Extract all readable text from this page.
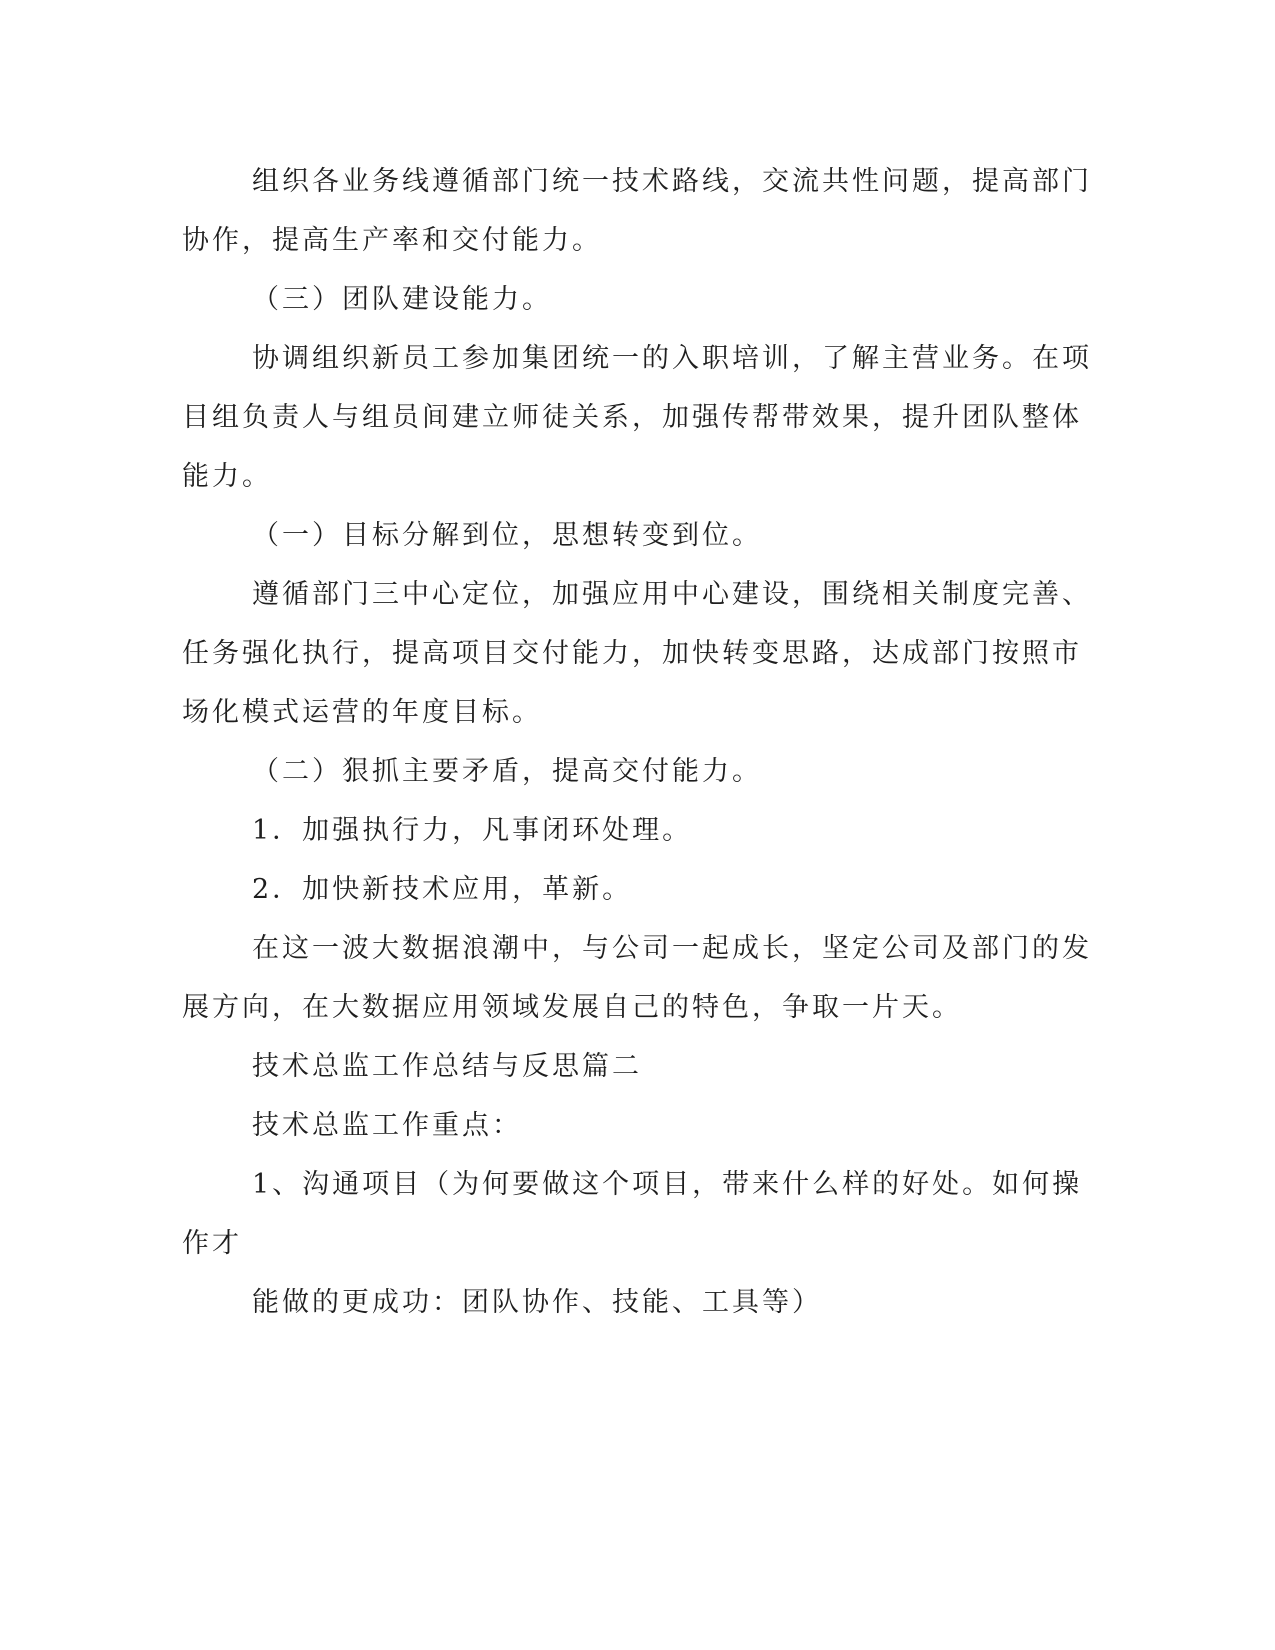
组织各业务线遵循部门统一技术路线，交流共性问题，提高部门
协作，提高生产率和交付能力。

（三）团队建设能力。

协调组织新员工参加集团统一的入职培训，了解主营业务。在项
目组负责人与组员间建立师徒关系，加强传帮带效果，提升团队整体
能力。

（一）目标分解到位，思想转变到位。

遵循部门三中心定位，加强应用中心建设，围绕相关制度完善、
任务强化执行，提高项目交付能力，加快转变思路，达成部门按照市
场化模式运营的年度目标。

（二）狠抓主要矛盾，提高交付能力。

1．加强执行力，凡事闭环处理。

2．加快新技术应用，革新。

在这一波大数据浪潮中，与公司一起成长，坚定公司及部门的发
展方向，在大数据应用领域发展自己的特色，争取一片天。

技术总监工作总结与反思篇二

技术总监工作重点：

1、沟通项目（为何要做这个项目，带来什么样的好处。如何操
作才

能做的更成功：团队协作、技能、工具等）
